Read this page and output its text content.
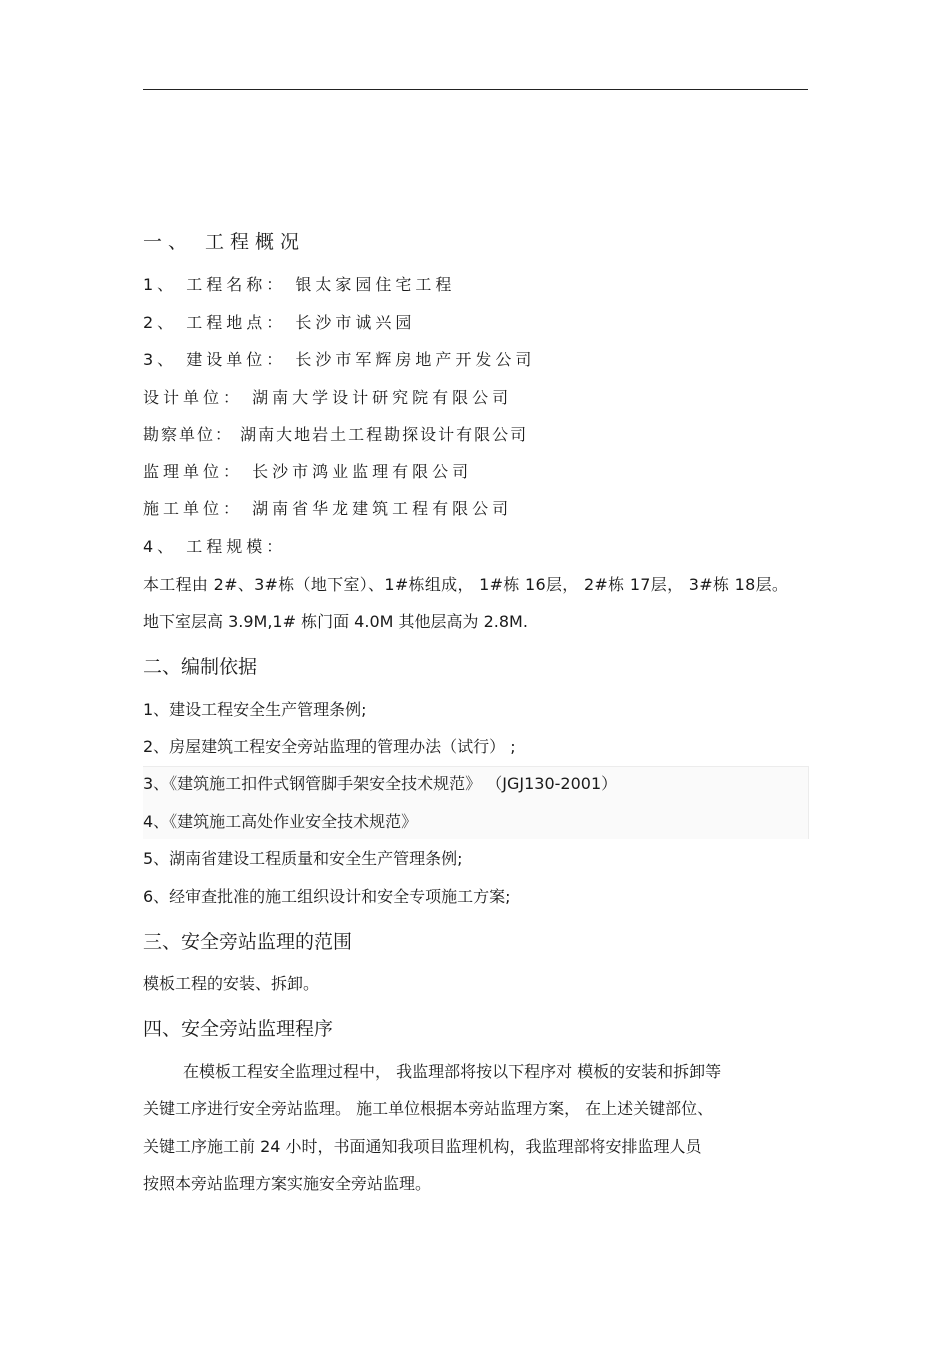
一、 工程概况
1、 工程名称： 银太家园住宅工程
2、 工程地点： 长沙市诚兴园
3、 建设单位： 长沙市军辉房地产开发公司
设计单位： 湖南大学设计研究院有限公司
勘察单位： 湖南大地岩土工程勘探设计有限公司
监理单位： 长沙市鸿业监理有限公司
施工单位： 湖南省华龙建筑工程有限公司
4、 工程规模：
本工程由 2#、3#栋（地下室）、1#栋组成， 1#栋 16层， 2#栋 17层， 3#栋 18层。
地下室层高 3.9M,1# 栋门面 4.0M 其他层高为 2.8M.
二、编制依据
1、建设工程安全生产管理条例;
2、房屋建筑工程安全旁站监理的管理办法（试行） ;
3、《建筑施工扣件式钢管脚手架安全技术规范》 （JGJ130-2001）
4、《建筑施工高处作业安全技术规范》
5、湖南省建设工程质量和安全生产管理条例;
6、经审查批准的施工组织设计和安全专项施工方案;
三、安全旁站监理的范围
模板工程的安装、拆卸。
四、安全旁站监理程序
在模板工程安全监理过程中， 我监理部将按以下程序对 模板的安装和拆卸等
关键工序进行安全旁站监理。 施工单位根据本旁站监理方案， 在上述关键部位、
关键工序施工前 24 小时，书面通知我项目监理机构，我监理部将安排监理人员
按照本旁站监理方案实施安全旁站监理。
